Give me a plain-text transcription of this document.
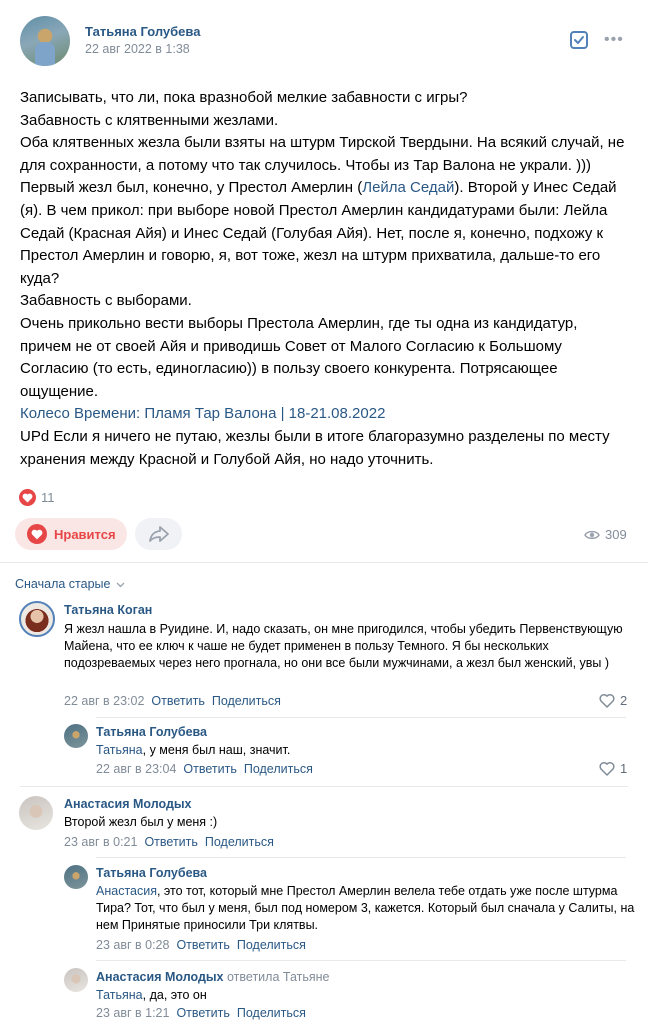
Татьяна Голубева
22 авг 2022 в 1:38
•••

Записывать, что ли, пока вразнобой мелкие забавности с игры?

Забавность с клятвенными жезлами.

Оба клятвенных жезла были взяты на штурм Тирской Твердыни. На всякий случай, не для сохранности, а потому что так случилось. Чтобы из Тар Валона не украли. )))

Первый жезл был, конечно, у Престол Амерлин (Лейла Седай). Второй у Инес Седай (я). В чем прикол: при выборе новой Престол Амерлин кандидатурами были: Лейла Седай (Красная Айя) и Инес Седай (Голубая Айя). Нет, после я, конечно, подхожу к Престол Амерлин и говорю, я, вот тоже, жезл на штурм прихватила, дальше-то его куда?

Забавность с выборами.

Очень прикольно вести выборы Престола Амерлин, где ты одна из кандидатур, причем не от своей Айя и приводишь Совет от Малого Согласию к Большому Согласию (то есть, единогласию)) в пользу своего конкурента. Потрясающее ощущение.

Колесо Времени: Пламя Тар Валона | 18-21.08.2022

UPd Если я ничего не путаю, жезлы были в итоге благоразумно разделены по месту хранения между Красной и Голубой Айя, но надо уточнить.

11
Нравится	309
Сначала старые
Татьяна Коган
Я жезл нашла в Руидине. И, надо сказать, он мне пригодился, чтобы убедить Первенствующую Майена, что ее ключ к чаше не будет применен в пользу Темного. Я бы нескольких подозреваемых через него прогнала, но они все были мужчинами, а жезл был женский, увы )
22 авг в 23:02 Ответить Поделиться	2
Татьяна Голубева
Татьяна, у меня был наш, значит.
22 авг в 23:04 Ответить Поделиться	1
Анастасия Молодых
Второй жезл был у меня :)
23 авг в 0:21 Ответить Поделиться
Татьяна Голубева
Анастасия, это тот, который мне Престол Амерлин велела тебе отдать уже после штурма Тира? Тот, что был у меня, был под номером 3, кажется. Который был сначала у Салиты, на нем Принятые приносили Три клятвы.
23 авг в 0:28 Ответить Поделиться
Анастасия Молодых ответила Татьяне
Татьяна, да, это он
23 авг в 1:21 Ответить Поделиться
